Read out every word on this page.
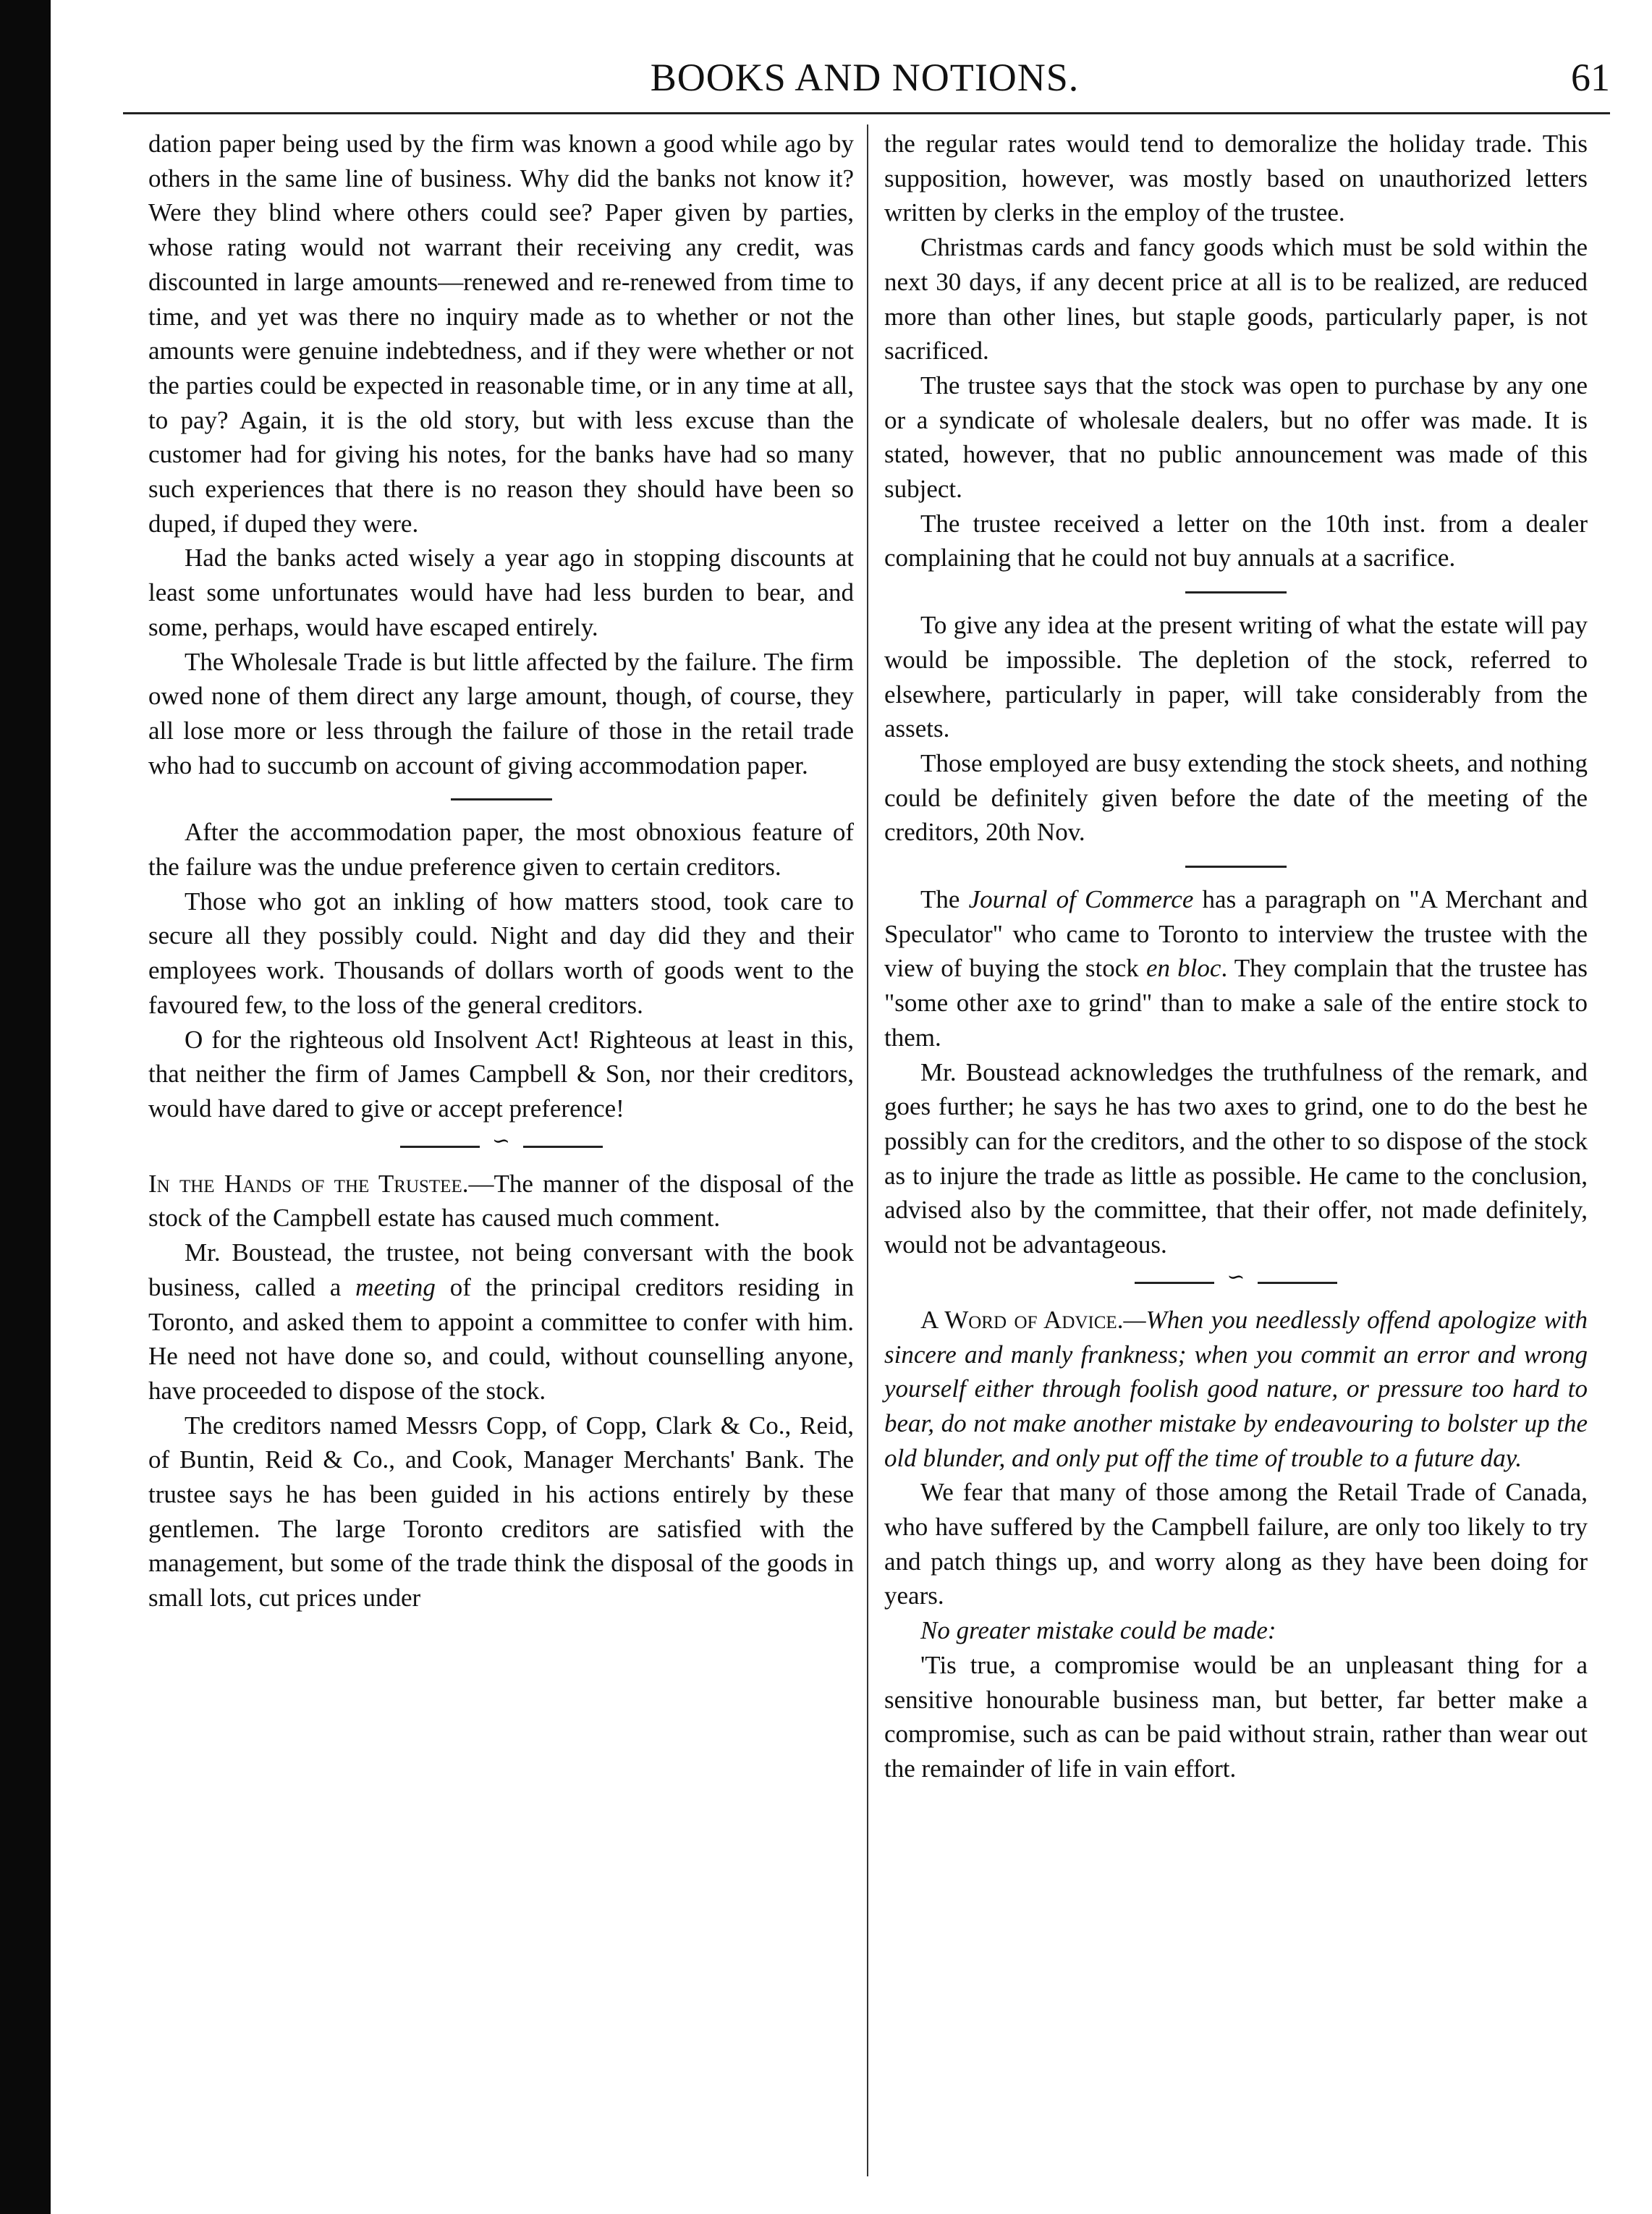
BOOKS AND NOTIONS.	61

dation paper being used by the firm was known a good while ago by others in the same line of business. Why did the banks not know it? Were they blind where others could see? Paper given by parties, whose rating would not warrant their receiving any credit, was discounted in large amounts—renewed and re-renewed from time to time, and yet was there no inquiry made as to whether or not the amounts were genuine indebtedness, and if they were whether or not the parties could be expected in reasonable time, or in any time at all, to pay? Again, it is the old story, but with less excuse than the customer had for giving his notes, for the banks have had so many such experiences that there is no reason they should have been so duped, if duped they were.

Had the banks acted wisely a year ago in stopping discounts at least some unfortunates would have had less burden to bear, and some, perhaps, would have escaped entirely.

The Wholesale Trade is but little affected by the failure. The firm owed none of them direct any large amount, though, of course, they all lose more or less through the failure of those in the retail trade who had to succumb on account of giving accommodation paper.

After the accommodation paper, the most obnoxious feature of the failure was the undue preference given to certain creditors.

Those who got an inkling of how matters stood, took care to secure all they possibly could. Night and day did they and their employees work. Thousands of dollars worth of goods went to the favoured few, to the loss of the general creditors.

O for the righteous old Insolvent Act! Righteous at least in this, that neither the firm of James Campbell & Son, nor their creditors, would have dared to give or accept preference!

∽

In the Hands of the Trustee.—The manner of the disposal of the stock of the Campbell estate has caused much comment.

Mr. Boustead, the trustee, not being conversant with the book business, called a meeting of the principal creditors residing in Toronto, and asked them to appoint a committee to confer with him. He need not have done so, and could, without counselling anyone, have proceeded to dispose of the stock.

The creditors named Messrs Copp, of Copp, Clark & Co., Reid, of Buntin, Reid & Co., and Cook, Manager Merchants' Bank. The trustee says he has been guided in his actions entirely by these gentlemen. The large Toronto creditors are satisfied with the management, but some of the trade think the disposal of the goods in small lots, cut prices under

the regular rates would tend to demoralize the holiday trade. This supposition, however, was mostly based on unauthorized letters written by clerks in the employ of the trustee.

Christmas cards and fancy goods which must be sold within the next 30 days, if any decent price at all is to be realized, are reduced more than other lines, but staple goods, particularly paper, is not sacrificed.

The trustee says that the stock was open to purchase by any one or a syndicate of wholesale dealers, but no offer was made. It is stated, however, that no public announcement was made of this subject.

The trustee received a letter on the 10th inst. from a dealer complaining that he could not buy annuals at a sacrifice.

To give any idea at the present writing of what the estate will pay would be impossible. The depletion of the stock, referred to elsewhere, particularly in paper, will take considerably from the assets.

Those employed are busy extending the stock sheets, and nothing could be definitely given before the date of the meeting of the creditors, 20th Nov.

The Journal of Commerce has a paragraph on "A Merchant and Speculator" who came to Toronto to interview the trustee with the view of buying the stock en bloc. They complain that the trustee has "some other axe to grind" than to make a sale of the entire stock to them.

Mr. Boustead acknowledges the truthfulness of the remark, and goes further; he says he has two axes to grind, one to do the best he possibly can for the creditors, and the other to so dispose of the stock as to injure the trade as little as possible. He came to the conclusion, advised also by the committee, that their offer, not made definitely, would not be advantageous.

∽

A Word of Advice.—When you needlessly offend apologize with sincere and manly frankness; when you commit an error and wrong yourself either through foolish good nature, or pressure too hard to bear, do not make another mistake by endeavouring to bolster up the old blunder, and only put off the time of trouble to a future day.

We fear that many of those among the Retail Trade of Canada, who have suffered by the Campbell failure, are only too likely to try and patch things up, and worry along as they have been doing for years.

No greater mistake could be made:

'Tis true, a compromise would be an unpleasant thing for a sensitive honourable business man, but better, far better make a compromise, such as can be paid without strain, rather than wear out the remainder of life in vain effort.
